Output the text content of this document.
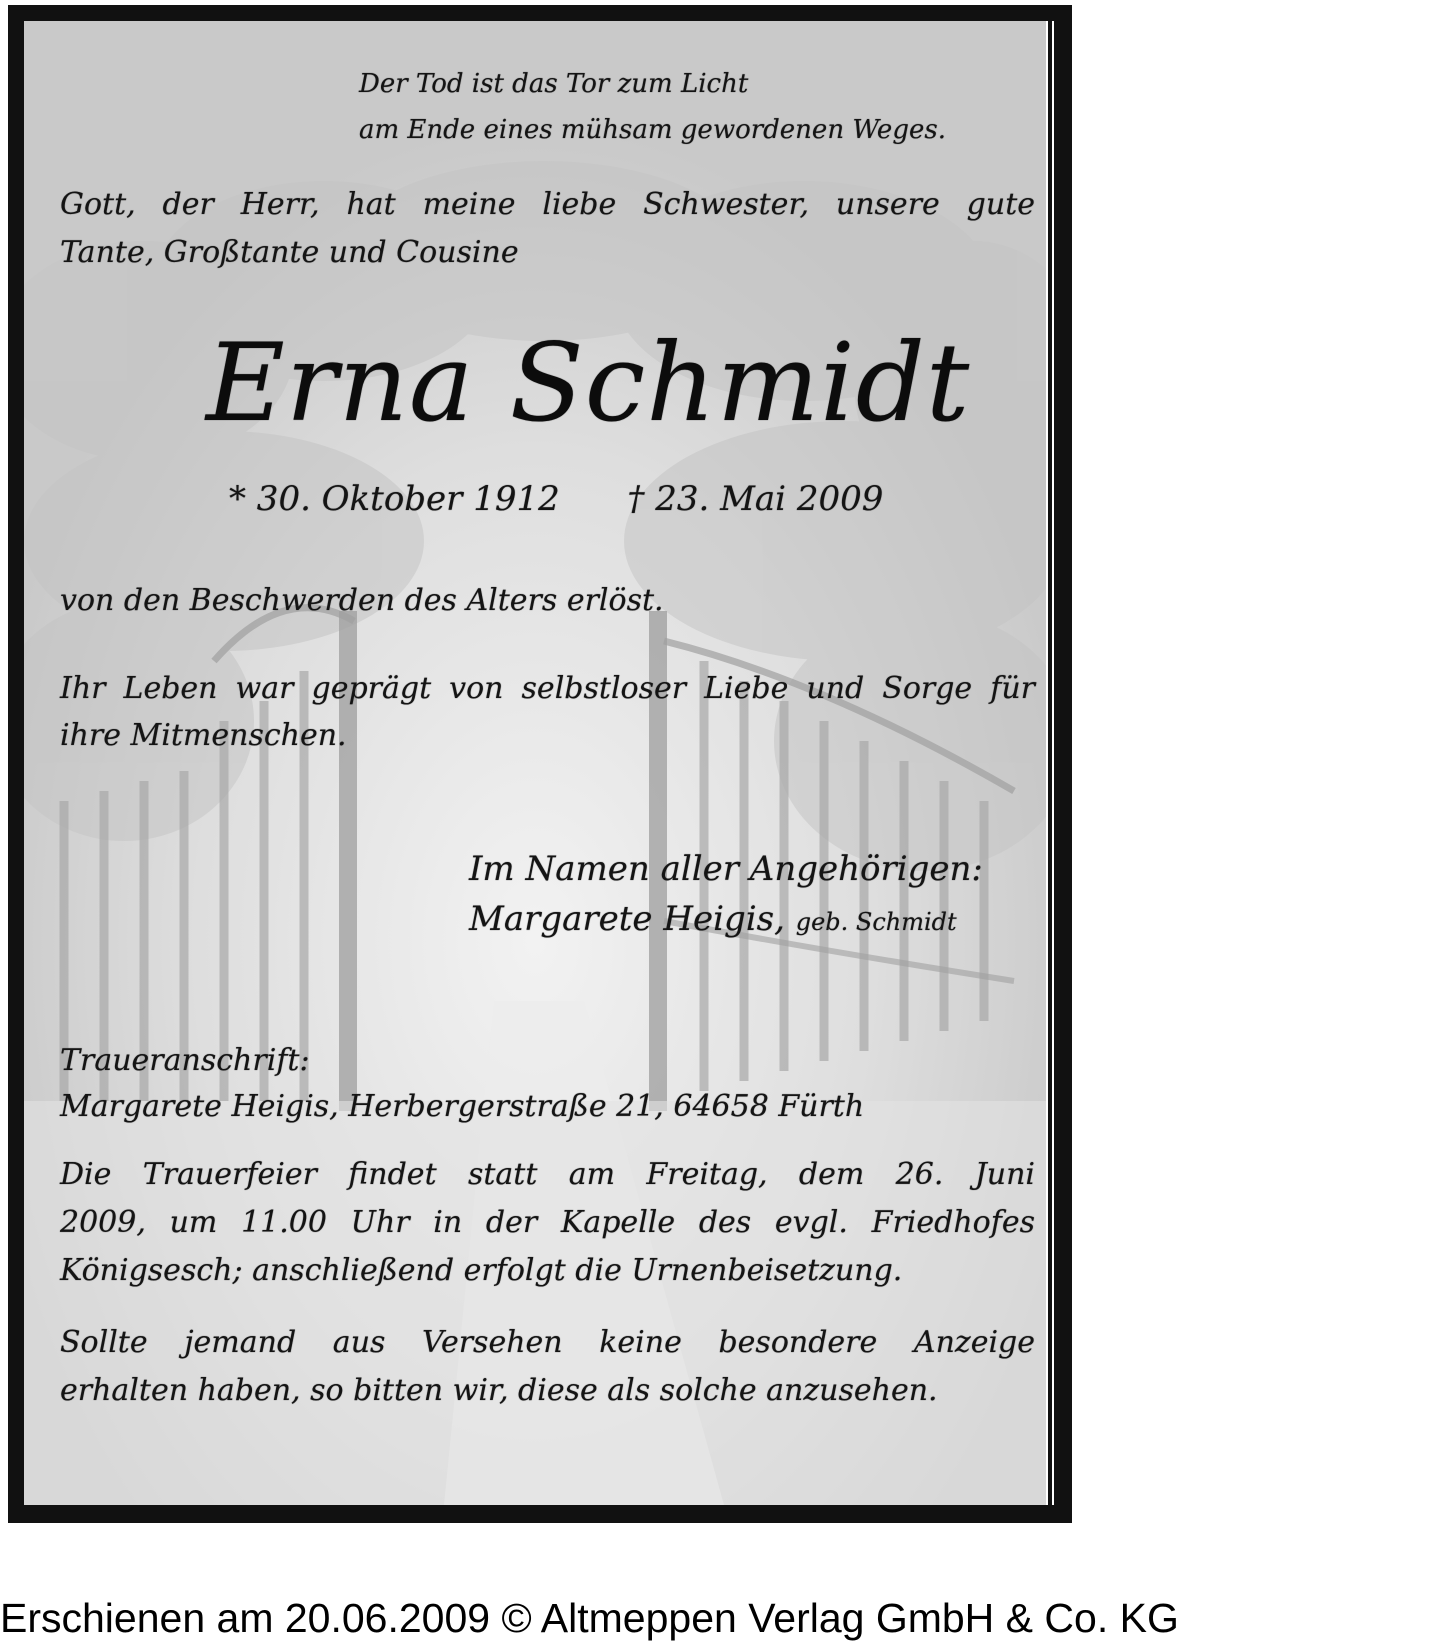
Der Tod ist das Tor zum Licht
am Ende eines mühsam gewordenen Weges.
Gott, der Herr, hat meine liebe Schwester, unsere gute
Tante, Großtante und Cousine
Erna Schmidt
* 30. Oktober 1912 † 23. Mai 2009
von den Beschwerden des Alters erlöst.
Ihr Leben war geprägt von selbstloser Liebe und Sorge für
ihre Mitmenschen.
Im Namen aller Angehörigen:
Margarete Heigis, geb. Schmidt
Traueranschrift:
Margarete Heigis, Herbergerstraße 21, 64658 Fürth
Die Trauerfeier findet statt am Freitag, dem 26. Juni
2009, um 11.00 Uhr in der Kapelle des evgl. Friedhofes
Königsesch; anschließend erfolgt die Urnenbeisetzung.
Sollte jemand aus Versehen keine besondere Anzeige
erhalten haben, so bitten wir, diese als solche anzusehen.
Erschienen am 20.06.2009 © Altmeppen Verlag GmbH & Co. KG
